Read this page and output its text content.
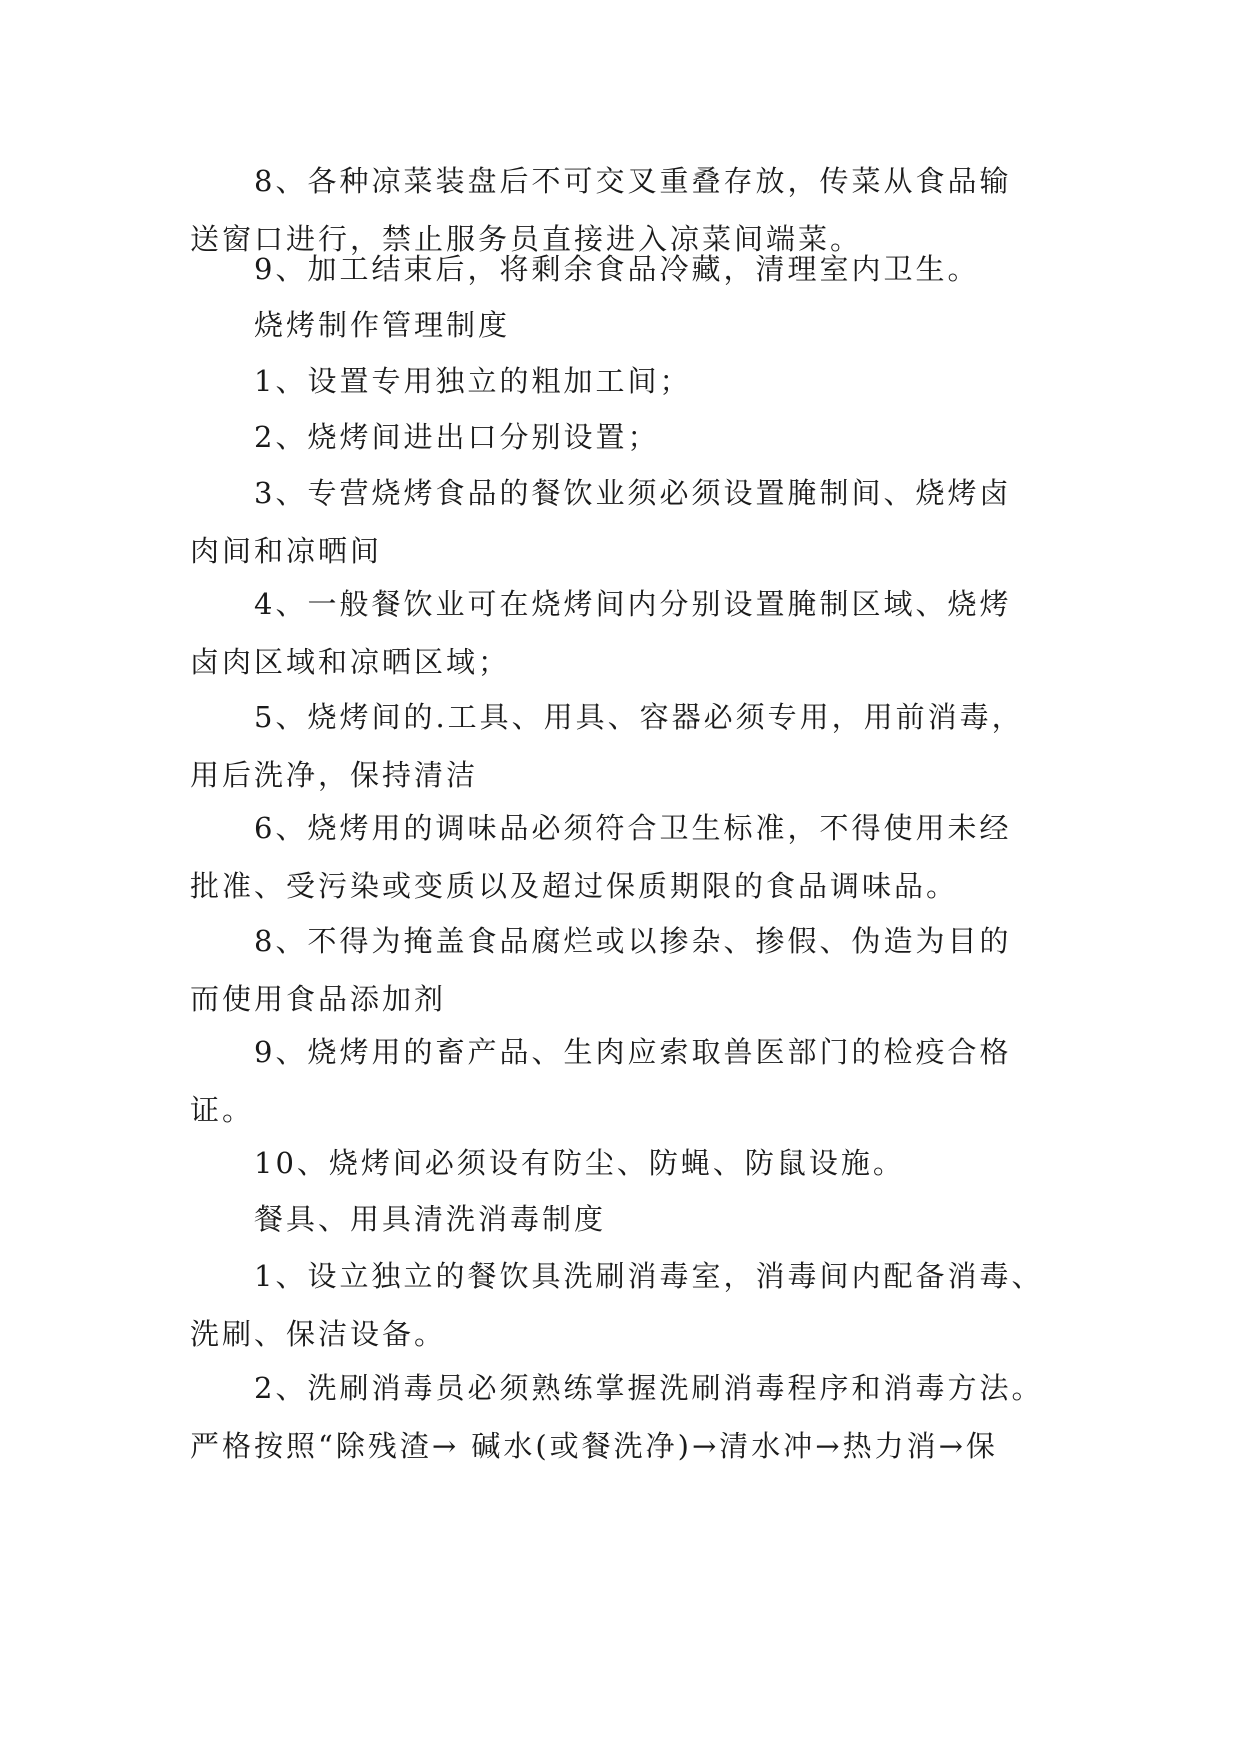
8、各种凉菜装盘后不可交叉重叠存放，传菜从食品输
送窗口进行，禁止服务员直接进入凉菜间端菜。
9、加工结束后，将剩余食品冷藏，清理室内卫生。
烧烤制作管理制度
1、设置专用独立的粗加工间；
2、烧烤间进出口分别设置；
3、专营烧烤食品的餐饮业须必须设置腌制间、烧烤卤
肉间和凉晒间
4、一般餐饮业可在烧烤间内分别设置腌制区域、烧烤
卤肉区域和凉晒区域；
5、烧烤间的.工具、用具、容器必须专用，用前消毒，
用后洗净，保持清洁
6、烧烤用的调味品必须符合卫生标准，不得使用未经
批准、受污染或变质以及超过保质期限的食品调味品。
8、不得为掩盖食品腐烂或以掺杂、掺假、伪造为目的
而使用食品添加剂
9、烧烤用的畜产品、生肉应索取兽医部门的检疫合格
证。
10、烧烤间必须设有防尘、防蝇、防鼠设施。
餐具、用具清洗消毒制度
1、设立独立的餐饮具洗刷消毒室，消毒间内配备消毒、
洗刷、保洁设备。
2、洗刷消毒员必须熟练掌握洗刷消毒程序和消毒方法。
严格按照“除残渣→ 碱水(或餐洗净)→清水冲→热力消→保
